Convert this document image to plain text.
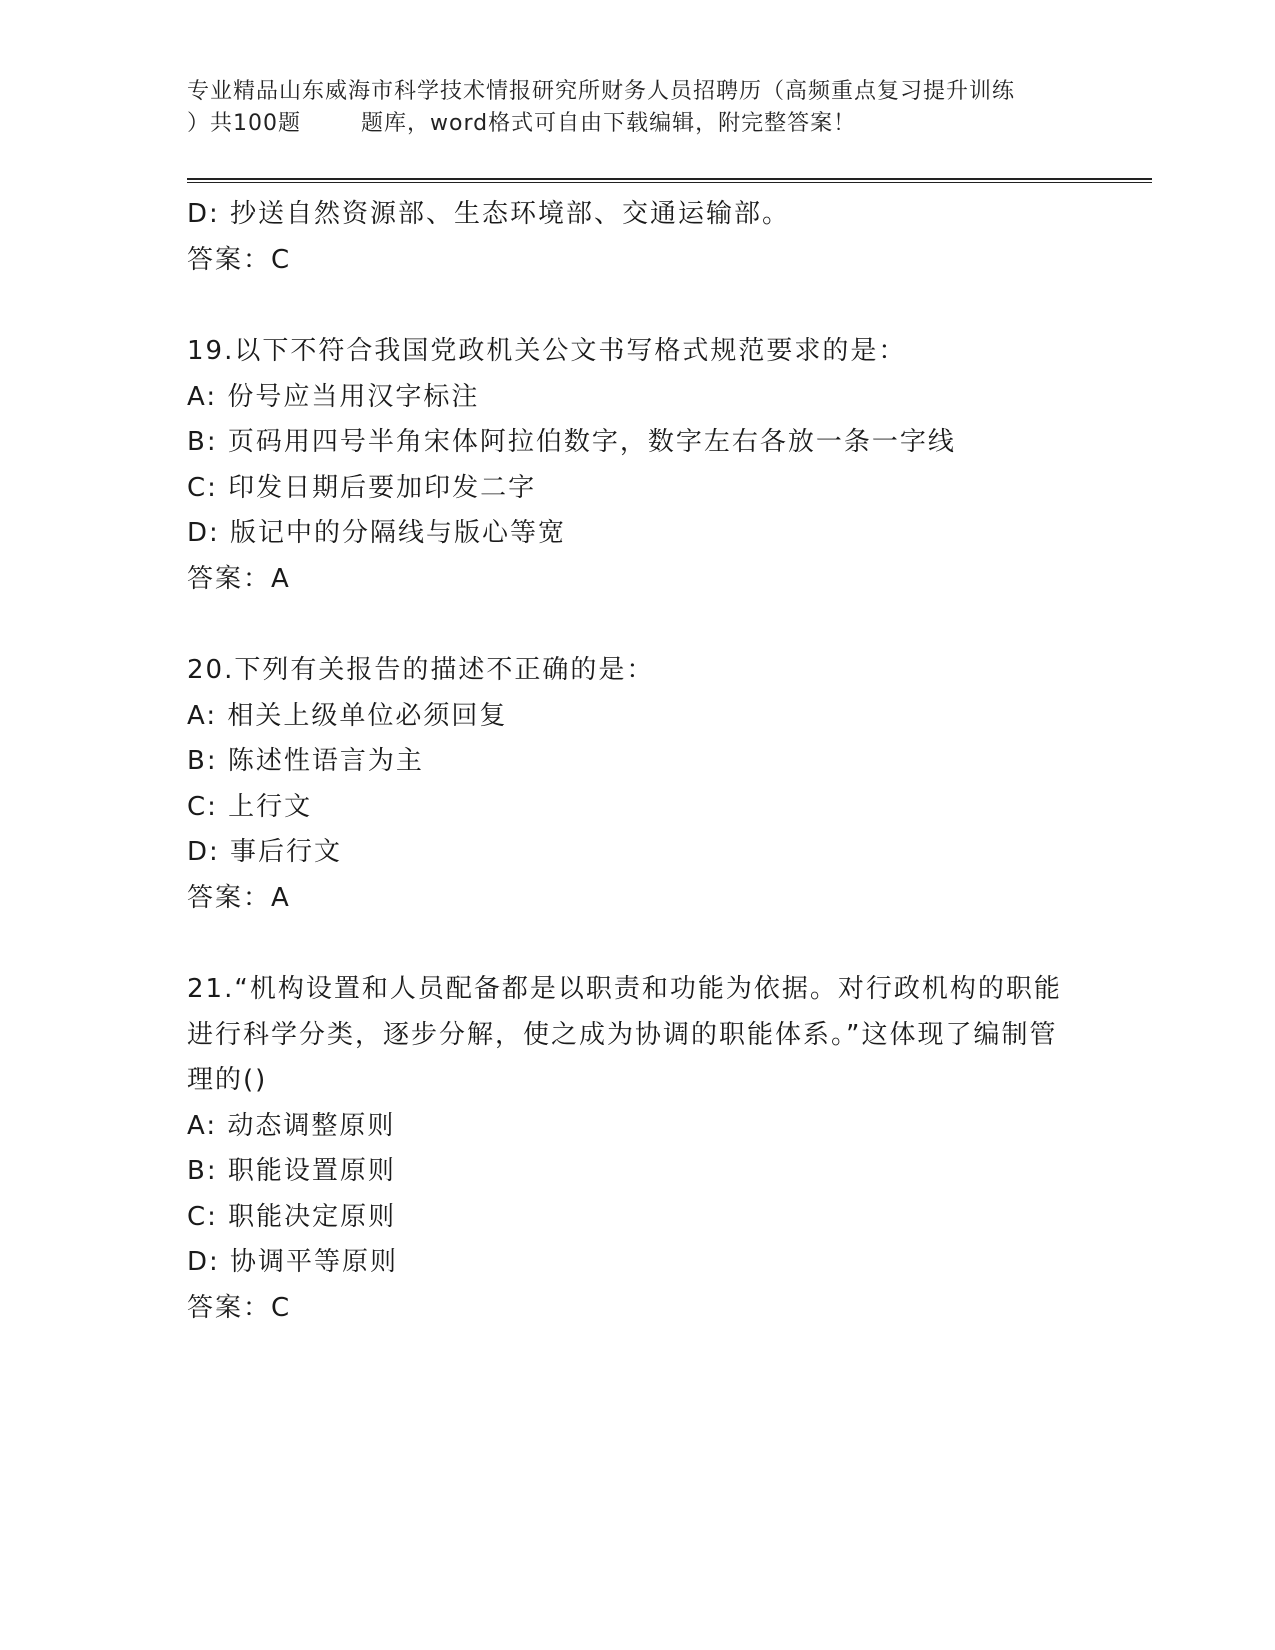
专业精品山东威海市科学技术情报研究所财务人员招聘历（高频重点复习提升训练
）共100题	题库，word格式可自由下载编辑，附完整答案！
D: 抄送自然资源部、生态环境部、交通运输部。
答案：C
19.以下不符合我国党政机关公文书写格式规范要求的是：
A: 份号应当用汉字标注
B: 页码用四号半角宋体阿拉伯数字，数字左右各放一条一字线
C: 印发日期后要加印发二字
D: 版记中的分隔线与版心等宽
答案：A
20.下列有关报告的描述不正确的是：
A: 相关上级单位必须回复
B: 陈述性语言为主
C: 上行文
D: 事后行文
答案：A
21.“机构设置和人员配备都是以职责和功能为依据。对行政机构的职能进行科学分类，逐步分解，使之成为协调的职能体系。”这体现了编制管理的()
A: 动态调整原则
B: 职能设置原则
C: 职能决定原则
D: 协调平等原则
答案：C
